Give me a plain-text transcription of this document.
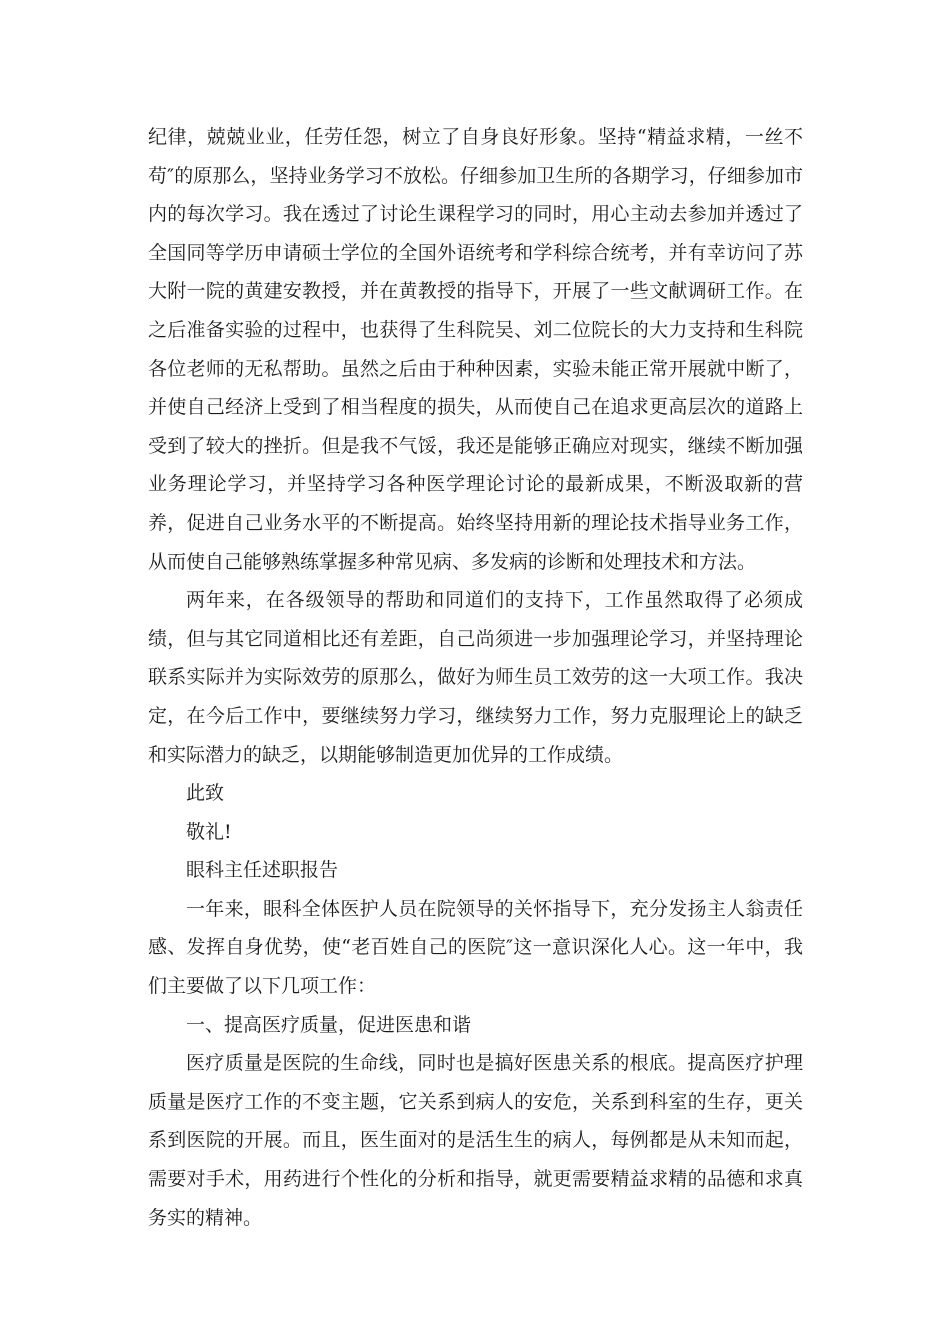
纪律，兢兢业业，任劳任怨，树立了自身良好形象。坚持“精益求精，一丝不苟″的原那么，坚持业务学习不放松。仔细参加卫生所的各期学习，仔细参加市内的每次学习。我在透过了讨论生课程学习的同时，用心主动去参加并透过了全国同等学历申请硕士学位的全国外语统考和学科综合统考，并有幸访问了苏大附一院的黄建安教授，并在黄教授的指导下，开展了一些文献调研工作。在之后准备实验的过程中，也获得了生科院吴、刘二位院长的大力支持和生科院各位老师的无私帮助。虽然之后由于种种因素，实验未能正常开展就中断了，并使自己经济上受到了相当程度的损失，从而使自己在追求更高层次的道路上受到了较大的挫折。但是我不气馁，我还是能够正确应对现实，继续不断加强业务理论学习，并坚持学习各种医学理论讨论的最新成果，不断汲取新的营养，促进自己业务水平的不断提高。始终坚持用新的理论技术指导业务工作，从而使自己能够熟练掌握多种常见病、多发病的诊断和处理技术和方法。

两年来，在各级领导的帮助和同道们的支持下，工作虽然取得了必须成绩，但与其它同道相比还有差距，自己尚须进一步加强理论学习，并坚持理论联系实际并为实际效劳的原那么，做好为师生员工效劳的这一大项工作。我决定，在今后工作中，要继续努力学习，继续努力工作，努力克服理论上的缺乏和实际潜力的缺乏，以期能够制造更加优异的工作成绩。

此致

敬礼!

眼科主任述职报告

一年来，眼科全体医护人员在院领导的关怀指导下，充分发扬主人翁责任感、发挥自身优势，使“老百姓自己的医院″这一意识深化人心。这一年中，我们主要做了以下几项工作：

一、提高医疗质量，促进医患和谐

医疗质量是医院的生命线，同时也是搞好医患关系的根底。提高医疗护理质量是医疗工作的不变主题，它关系到病人的安危，关系到科室的生存，更关系到医院的开展。而且，医生面对的是活生生的病人，每例都是从未知而起，需要对手术，用药进行个性化的分析和指导，就更需要精益求精的品德和求真务实的精神。
